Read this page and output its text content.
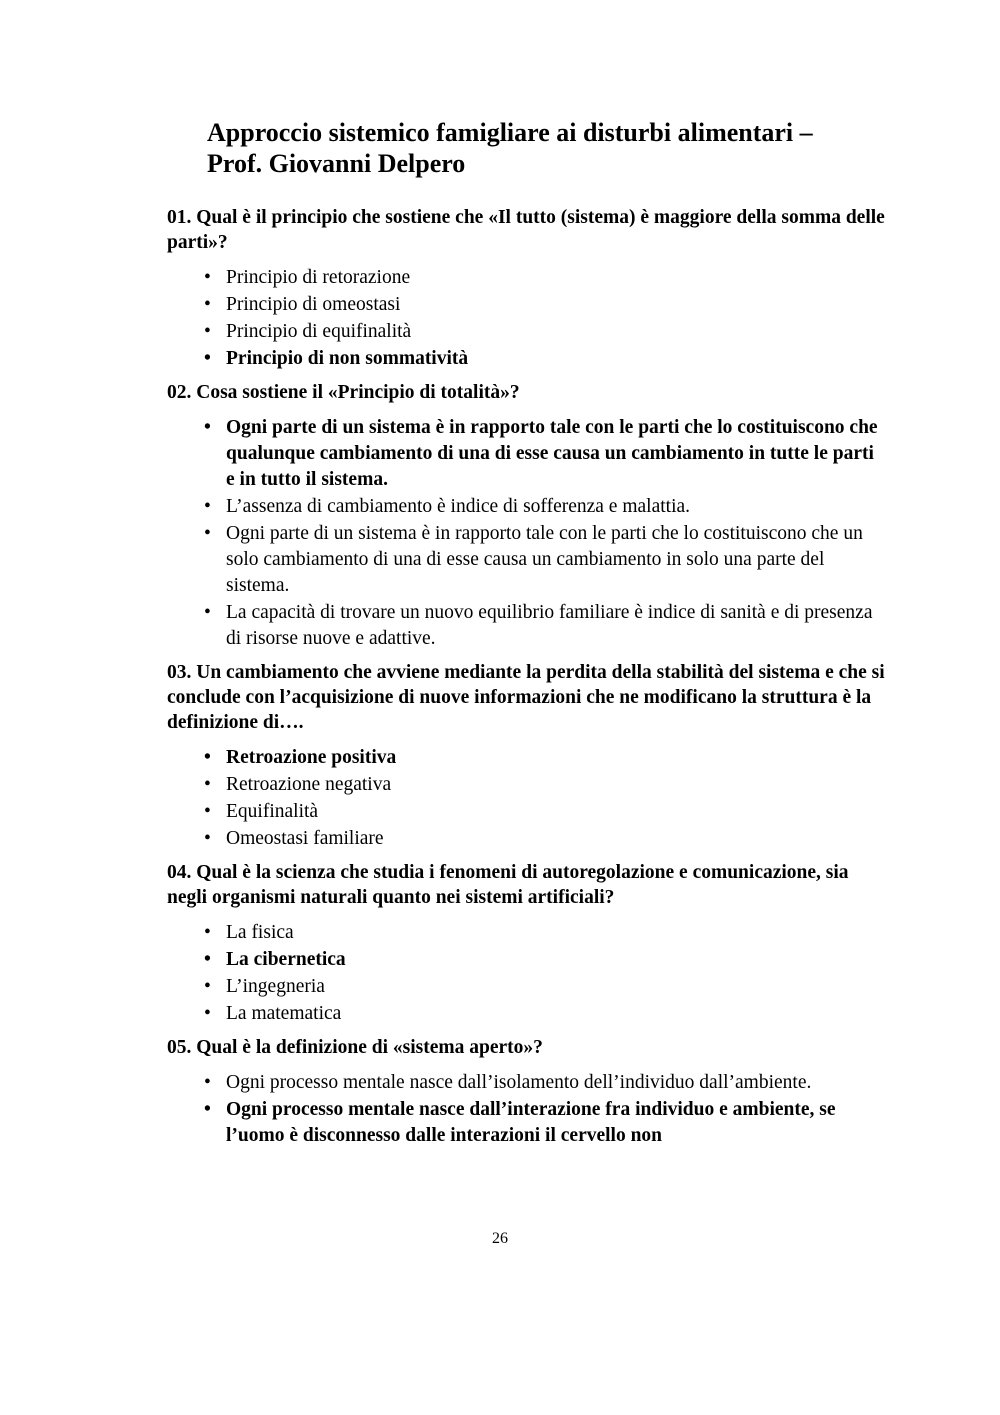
Approccio sistemico famigliare ai disturbi alimentari –
Prof. Giovanni Delpero

01. Qual è il principio che sostiene che «Il tutto (sistema) è maggiore della somma delle parti»?

• Principio di retorazione
• Principio di omeostasi
• Principio di equifinalità
• Principio di non sommatività

02. Cosa sostiene il «Principio di totalità»?

• Ogni parte di un sistema è in rapporto tale con le parti che lo costituiscono che qualunque cambiamento di una di esse causa un cambiamento in tutte le parti e in tutto il sistema.
• L’assenza di cambiamento è indice di sofferenza e malattia.
• Ogni parte di un sistema è in rapporto tale con le parti che lo costituiscono che un solo cambiamento di una di esse causa un cambiamento in solo una parte del sistema.
• La capacità di trovare un nuovo equilibrio familiare è indice di sanità e di presenza di risorse nuove e adattive.

03. Un cambiamento che avviene mediante la perdita della stabilità del sistema e che si conclude con l’acquisizione di nuove informazioni che ne modificano la struttura è la definizione di….

• Retroazione positiva
• Retroazione negativa
• Equifinalità
• Omeostasi familiare

04. Qual è la scienza che studia i fenomeni di autoregolazione e comunicazione, sia negli organismi naturali quanto nei sistemi artificiali?

• La fisica
• La cibernetica
• L’ingegneria
• La matematica

05. Qual è la definizione di «sistema aperto»?

• Ogni processo mentale nasce dall’isolamento dell’individuo dall’ambiente.
• Ogni processo mentale nasce dall’interazione fra individuo e ambiente, se l’uomo è disconnesso dalle interazioni il cervello non
26
